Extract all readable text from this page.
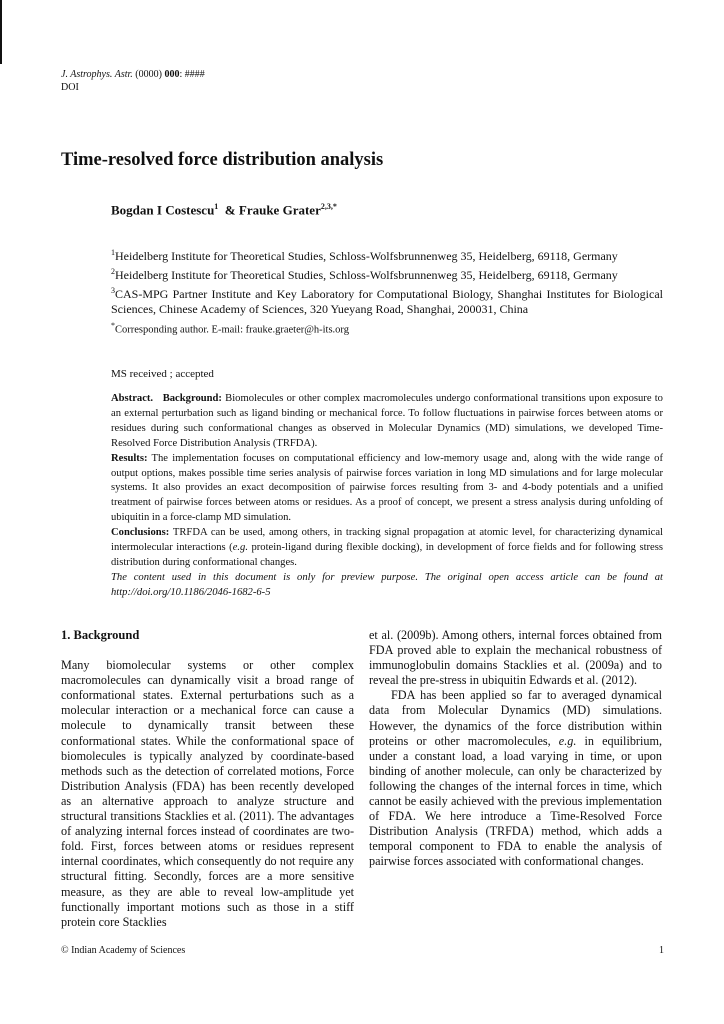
J. Astrophys. Astr. (0000) 000: ####
DOI
Time-resolved force distribution analysis
Bogdan I Costescu$^1$ & Frauke Grater$^{2,3,*}$
$^1$Heidelberg Institute for Theoretical Studies, Schloss-Wolfsbrunnenweg 35, Heidelberg, 69118, Germany
$^2$Heidelberg Institute for Theoretical Studies, Schloss-Wolfsbrunnenweg 35, Heidelberg, 69118, Germany
$^3$CAS-MPG Partner Institute and Key Laboratory for Computational Biology, Shanghai Institutes for Biological Sciences, Chinese Academy of Sciences, 320 Yueyang Road, Shanghai, 200031, China
*Corresponding author. E-mail: frauke.graeter@h-its.org
MS received ; accepted

Abstract. Background: Biomolecules or other complex macromolecules undergo conformational transitions upon exposure to an external perturbation such as ligand binding or mechanical force. To follow fluctuations in pairwise forces between atoms or residues during such conformational changes as observed in Molecular Dynamics (MD) simulations, we developed Time-Resolved Force Distribution Analysis (TRFDA).

Results: The implementation focuses on computational efficiency and low-memory usage and, along with the wide range of output options, makes possible time series analysis of pairwise forces variation in long MD simulations and for large molecular systems. It also provides an exact decomposition of pairwise forces resulting from 3- and 4-body potentials and a unified treatment of pairwise forces between atoms or residues. As a proof of concept, we present a stress analysis during unfolding of ubiquitin in a force-clamp MD simulation.

Conclusions: TRFDA can be used, among others, in tracking signal propagation at atomic level, for characterizing dynamical intermolecular interactions (e.g. protein-ligand during flexible docking), in development of force fields and for following stress distribution during conformational changes.

The content used in this document is only for preview purpose. The original open access article can be found at http://doi.org/10.1186/2046-1682-6-5

1. Background

Many biomolecular systems or other complex macromolecules can dynamically visit a broad range of conformational states. External perturbations such as a molecular interaction or a mechanical force can cause a molecule to dynamically transit between these conformational states. While the conformational space of biomolecules is typically analyzed by coordinate-based methods such as the detection of correlated motions, Force Distribution Analysis (FDA) has been recently developed as an alternative approach to analyze structure and structural transitions Stacklies et al. (2011). The advantages of analyzing internal forces instead of coordinates are two-fold. First, forces between atoms or residues represent internal coordinates, which consequently do not require any structural fitting. Secondly, forces are a more sensitive measure, as they are able to reveal low-amplitude yet functionally important motions such as those in a stiff protein core Stacklies

et al. (2009b). Among others, internal forces obtained from FDA proved able to explain the mechanical robustness of immunoglobulin domains Stacklies et al. (2009a) and to reveal the pre-stress in ubiquitin Edwards et al. (2012).

FDA has been applied so far to averaged dynamical data from Molecular Dynamics (MD) simulations. However, the dynamics of the force distribution within proteins or other macromolecules, e.g. in equilibrium, under a constant load, a load varying in time, or upon binding of another molecule, can only be characterized by following the changes of the internal forces in time, which cannot be easily achieved with the previous implementation of FDA. We here introduce a Time-Resolved Force Distribution Analysis (TRFDA) method, which adds a temporal component to FDA to enable the analysis of pairwise forces associated with conformational changes.

© Indian Academy of Sciences	1
